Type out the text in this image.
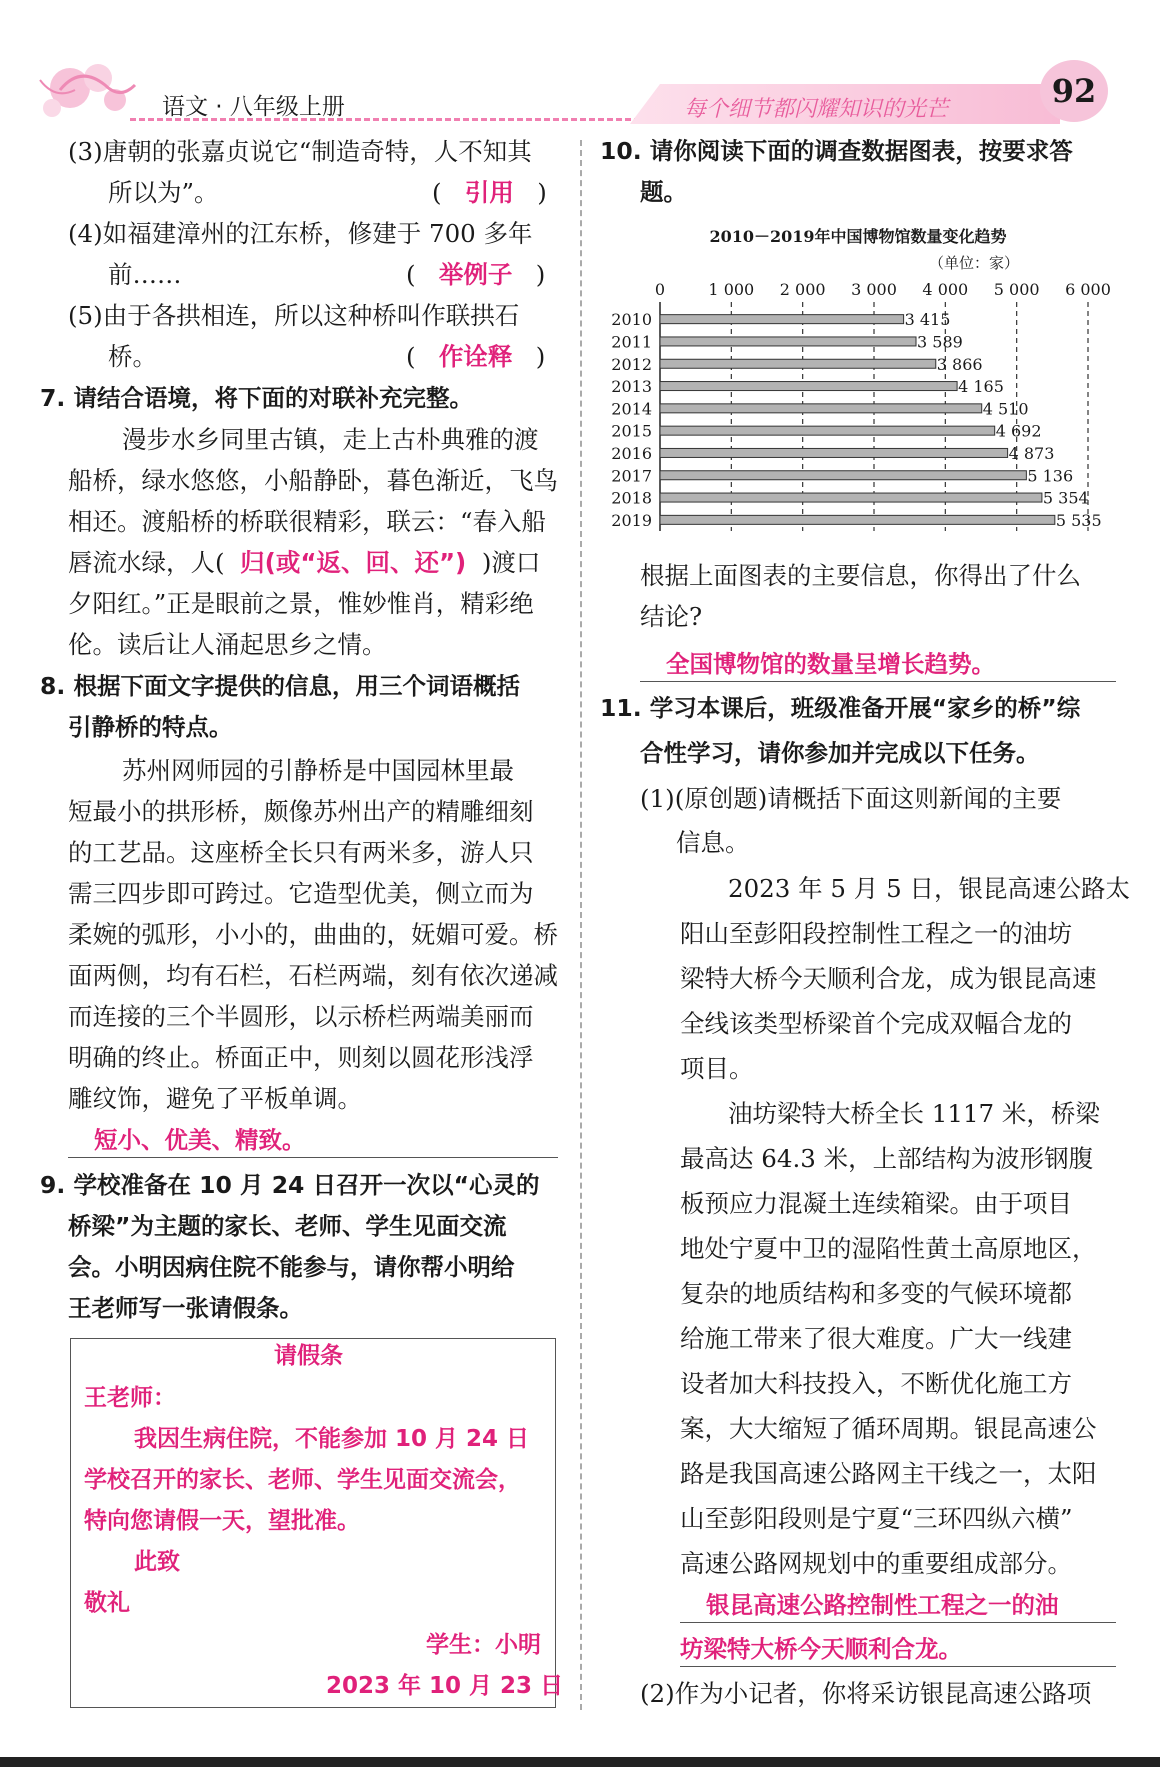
语文 · 八年级上册	每个细节都闪耀知识的光芒	92
(3)唐朝的张嘉贞说它“制造奇特，人不知其
所以为”。	(   引用   )
(4)如福建漳州的江东桥，修建于 700 多年
前……	(   举例子   )
(5)由于各拱相连，所以这种桥叫作联拱石
桥。	(   作诠释   )
7. 请结合语境，将下面的对联补充完整。
漫步水乡同里古镇，走上古朴典雅的渡
船桥，绿水悠悠，小船静卧，暮色渐近，飞鸟
相还。渡船桥的桥联很精彩，联云：“春入船
唇流水绿，人( 归(或“返、回、还”) )渡口
夕阳红。”正是眼前之景，惟妙惟肖，精彩绝
伦。读后让人涌起思乡之情。
8. 根据下面文字提供的信息，用三个词语概括
引静桥的特点。
苏州网师园的引静桥是中国园林里最
短最小的拱形桥，颇像苏州出产的精雕细刻
的工艺品。这座桥全长只有两米多，游人只
需三四步即可跨过。它造型优美，侧立而为
柔婉的弧形，小小的，曲曲的，妩媚可爱。桥
面两侧，均有石栏，石栏两端，刻有依次递减
而连接的三个半圆形，以示桥栏两端美丽而
明确的终止。桥面正中，则刻以圆花形浅浮
雕纹饰，避免了平板单调。
短小、优美、精致。
9. 学校准备在 10 月 24 日召开一次以“心灵的
桥梁”为主题的家长、老师、学生见面交流
会。小明因病住院不能参与，请你帮小明给
王老师写一张请假条。
请假条
王老师：
我因生病住院，不能参加 10 月 24 日
学校召开的家长、老师、学生见面交流会，
特向您请假一天，望批准。
此致
敬礼
学生：小明
2023 年 10 月 23 日
10. 请你阅读下面的调查数据图表，按要求答
题。
2010－2019年中国博物馆数量变化趋势
（单位：家）
0	1 000 2 000 3 000 4 000 5 000 6 000
2010
2011
2012
2013
2014
2015
2016
2017
2018
2019
3 415
3 589
3 866
4 165
4 510
4 692
4 873
5 136
5 354
5 535
根据上面图表的主要信息，你得出了什么
结论?
全国博物馆的数量呈增长趋势。
11. 学习本课后，班级准备开展“家乡的桥”综
合性学习，请你参加并完成以下任务。
(1)(原创题)请概括下面这则新闻的主要
信息。
2023 年 5 月 5 日，银昆高速公路太
阳山至彭阳段控制性工程之一的油坊
梁特大桥今天顺利合龙，成为银昆高速
全线该类型桥梁首个完成双幅合龙的
项目。
油坊梁特大桥全长 1117 米，桥梁
最高达 64.3 米，上部结构为波形钢腹
板预应力混凝土连续箱梁。由于项目
地处宁夏中卫的湿陷性黄土高原地区，
复杂的地质结构和多变的气候环境都
给施工带来了很大难度。广大一线建
设者加大科技投入，不断优化施工方
案，大大缩短了循环周期。银昆高速公
路是我国高速公路网主干线之一，太阳
山至彭阳段则是宁夏“三环四纵六横”
高速公路网规划中的重要组成部分。
银昆高速公路控制性工程之一的油
坊梁特大桥今天顺利合龙。
(2)作为小记者，你将采访银昆高速公路项
